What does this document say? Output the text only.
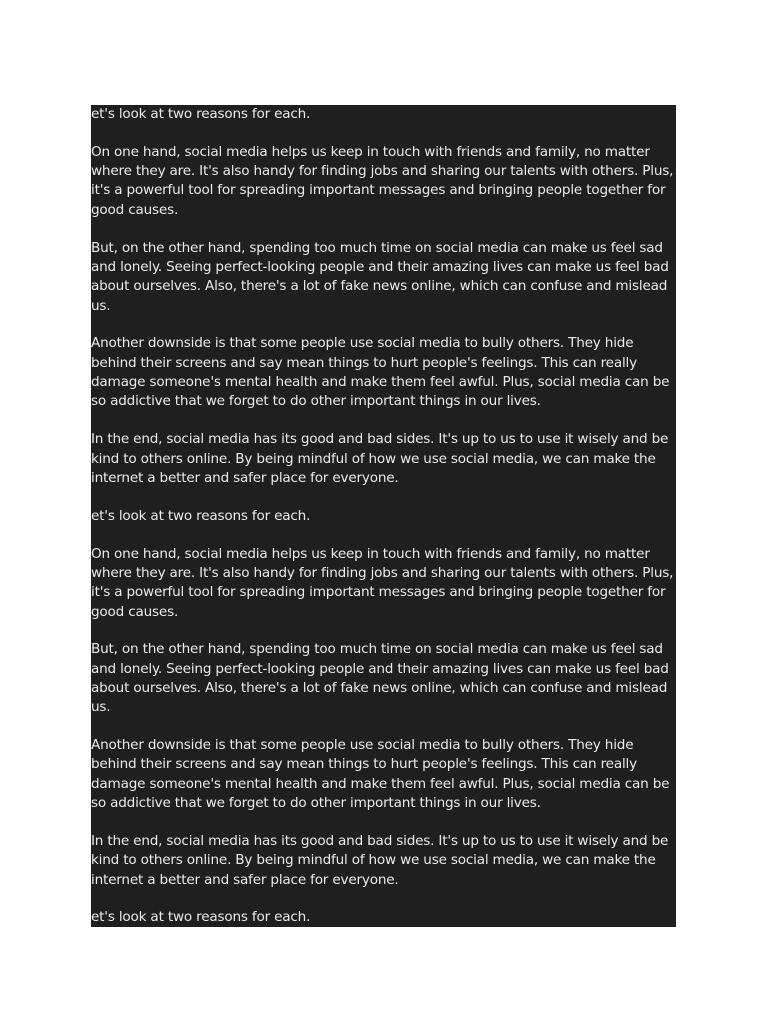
et's look at two reasons for each.

On one hand, social media helps us keep in touch with friends and family, no matter where they are. It's also handy for finding jobs and sharing our talents with others. Plus, it's a powerful tool for spreading important messages and bringing people together for good causes.

But, on the other hand, spending too much time on social media can make us feel sad and lonely. Seeing perfect-looking people and their amazing lives can make us feel bad about ourselves. Also, there's a lot of fake news online, which can confuse and mislead us.

Another downside is that some people use social media to bully others. They hide behind their screens and say mean things to hurt people's feelings. This can really damage someone's mental health and make them feel awful. Plus, social media can be so addictive that we forget to do other important things in our lives.

In the end, social media has its good and bad sides. It's up to us to use it wisely and be kind to others online. By being mindful of how we use social media, we can make the internet a better and safer place for everyone.

et's look at two reasons for each.

On one hand, social media helps us keep in touch with friends and family, no matter where they are. It's also handy for finding jobs and sharing our talents with others. Plus, it's a powerful tool for spreading important messages and bringing people together for good causes.

But, on the other hand, spending too much time on social media can make us feel sad and lonely. Seeing perfect-looking people and their amazing lives can make us feel bad about ourselves. Also, there's a lot of fake news online, which can confuse and mislead us.

Another downside is that some people use social media to bully others. They hide behind their screens and say mean things to hurt people's feelings. This can really damage someone's mental health and make them feel awful. Plus, social media can be so addictive that we forget to do other important things in our lives.

In the end, social media has its good and bad sides. It's up to us to use it wisely and be kind to others online. By being mindful of how we use social media, we can make the internet a better and safer place for everyone.

et's look at two reasons for each.
